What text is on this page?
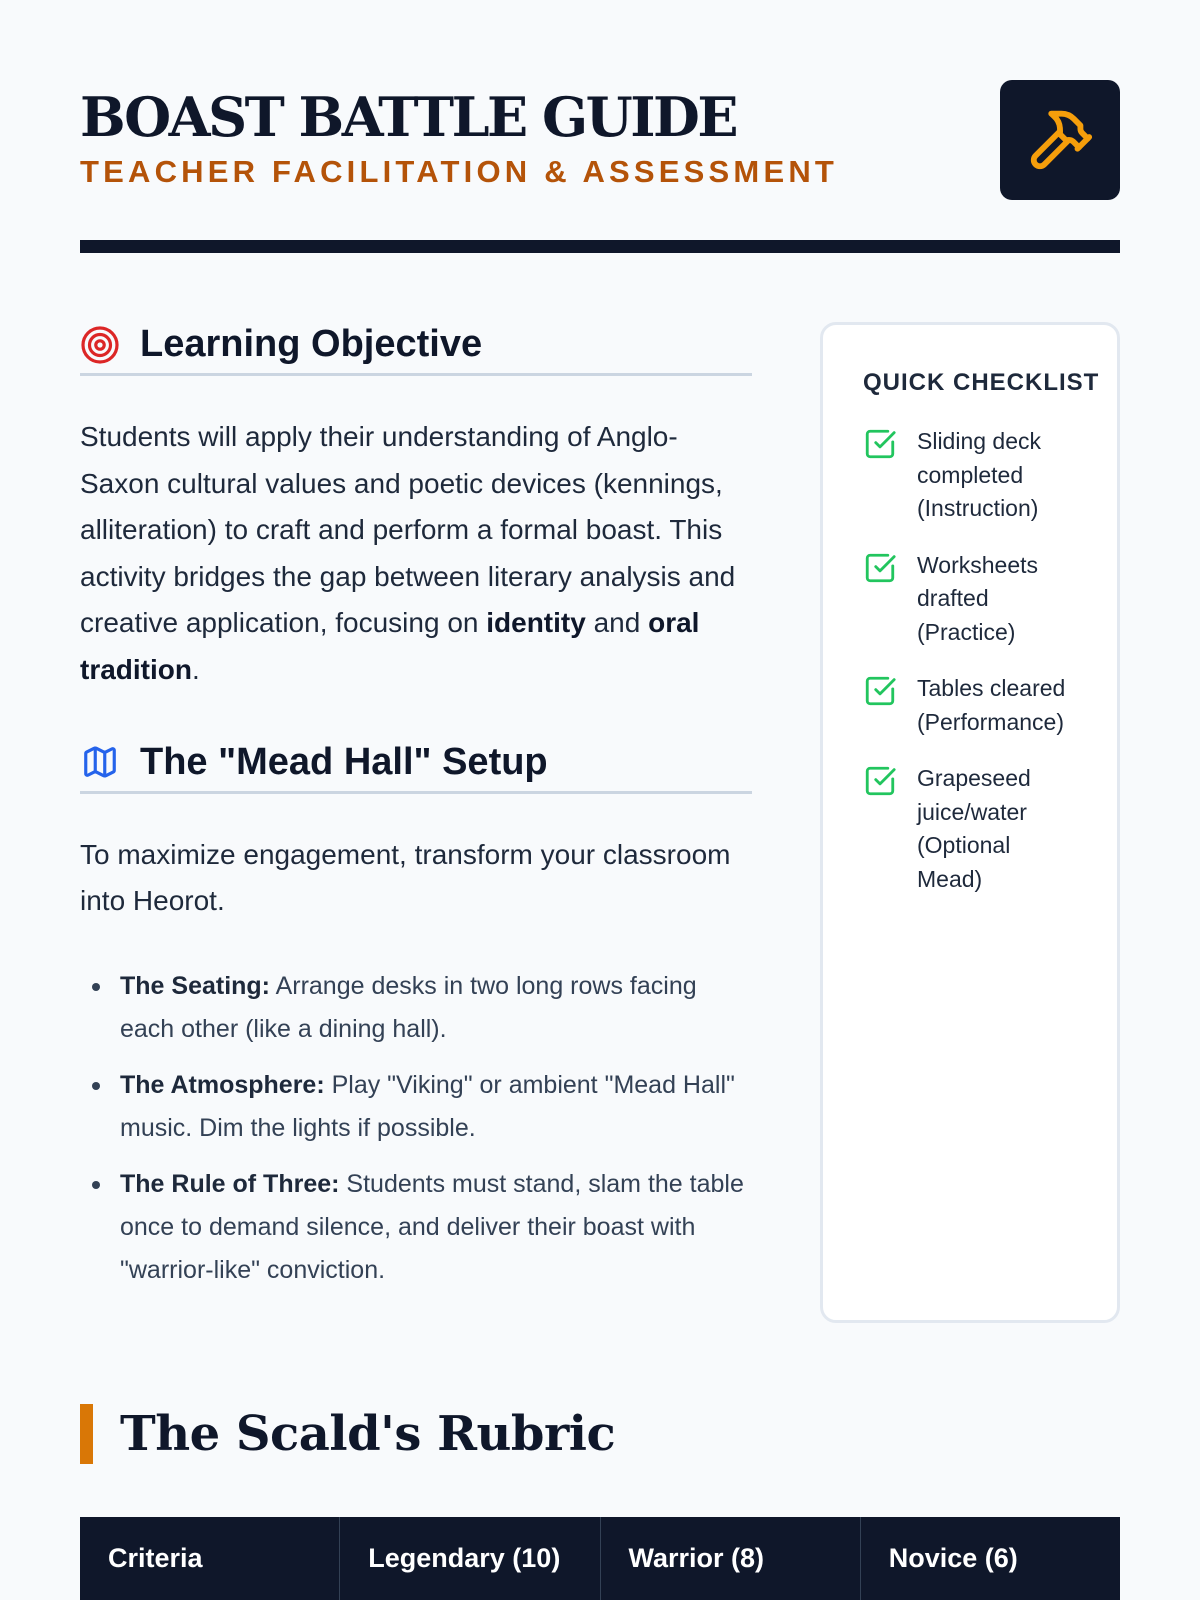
BOAST BATTLE GUIDE
TEACHER FACILITATION & ASSESSMENT
Learning Objective

Students will apply their understanding of Anglo-Saxon cultural values and poetic devices (kennings, alliteration) to craft and perform a formal boast. This activity bridges the gap between literary analysis and creative application, focusing on identity and oral tradition.

The "Mead Hall" Setup

To maximize engagement, transform your classroom into Heorot.

The Seating: Arrange desks in two long rows facing each other (like a dining hall).
The Atmosphere: Play "Viking" or ambient "Mead Hall" music. Dim the lights if possible.
The Rule of Three: Students must stand, slam the table once to demand silence, and deliver their boast with "warrior-like" conviction.
QUICK CHECKLIST
Sliding deck completed (Instruction)
Worksheets drafted (Practice)
Tables cleared (Performance)
Grapeseed juice/water (Optional Mead)
The Scald's Rubric
Criteria	Legendary (10)	Warrior (8)	Novice (6)
